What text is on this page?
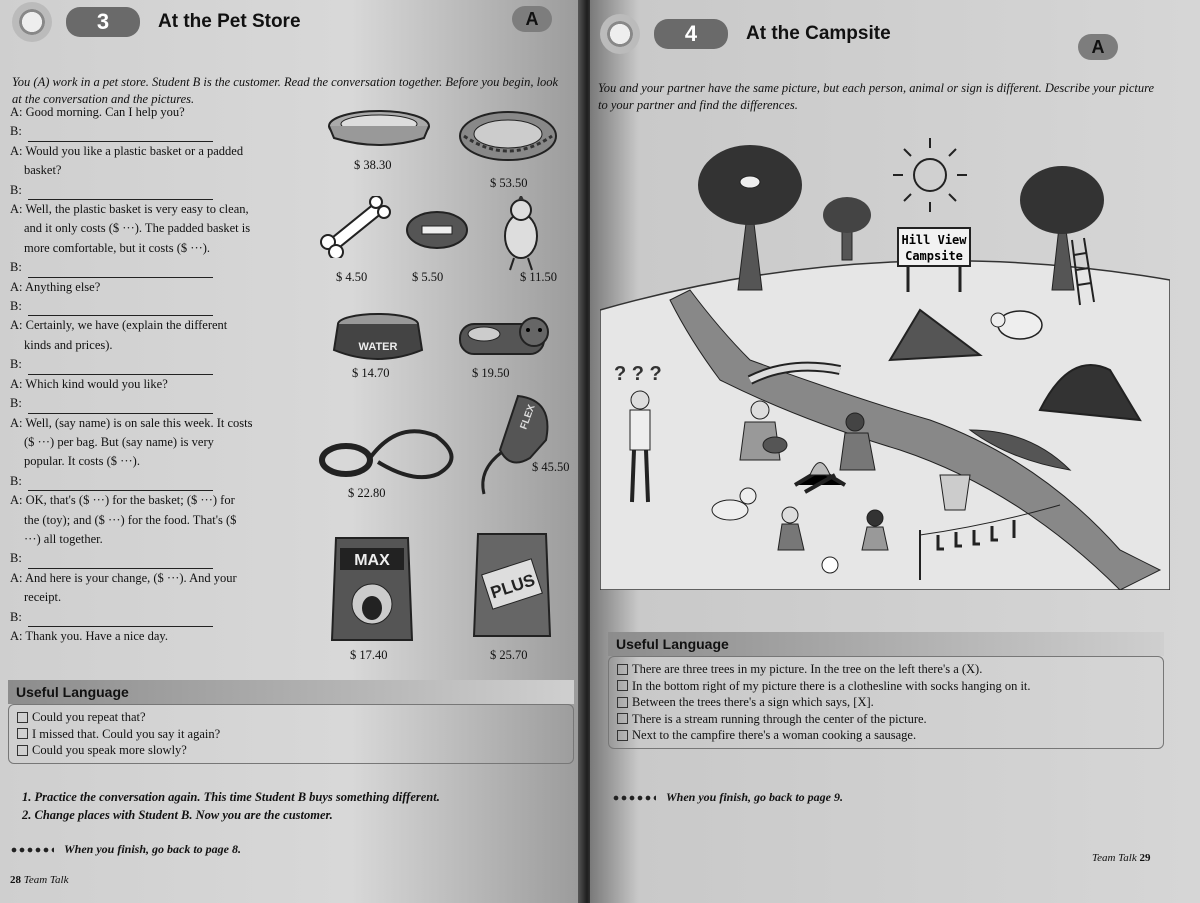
3	At the Pet Store	A
You (A) work in a pet store. Student B is the customer. Read the conversation together. Before you begin, look at the conversation and the pictures.
A: Good morning. Can I help you?
B:
A: Would you like a plastic basket or a padded
basket?
B:
A: Well, the plastic basket is very easy to clean,
and it only costs ($ ···). The padded basket is
more comfortable, but it costs ($ ···).
B:
A: Anything else?
B:
A: Certainly, we have (explain the different
kinds and prices).
B:
A: Which kind would you like?
B:
A: Well, (say name) is on sale this week. It costs
($ ···) per bag. But (say name) is very
popular. It costs ($ ···).
B:
A: OK, that's ($ ···) for the basket; ($ ···) for
the (toy); and ($ ···) for the food. That's ($
···) all together.
B:
A: And here is your change, ($ ···). And your
receipt.
B:
A: Thank you. Have a nice day.
$ 38.30
$ 53.50
$ 4.50	$ 5.50	$ 11.50
WATER
$ 14.70	$ 19.50
$ 22.80
FLEX
$ 45.50
MAX
$ 17.40
PLUS
$ 25.70
Useful Language
Could you repeat that?
I missed that. Could you say it again?
Could you speak more slowly?
1. Practice the conversation again. This time Student B buys something different.
2. Change places with Student B. Now you are the customer.
When you finish, go back to page 8.
28 Team Talk
4	At the Campsite
A
You and your partner have the same picture, but each person, animal or sign is different. Describe your picture to your partner and find the differences.
Hill View
Campsite
? ? ?
Useful Language
There are three trees in my picture. In the tree on the left there's a (X).
In the bottom right of my picture there is a clothesline with socks hanging on it.
Between the trees there's a sign which says, [X].
There is a stream running through the center of the picture.
Next to the campfire there's a woman cooking a sausage.
When you finish, go back to page 9.
Team Talk 29
